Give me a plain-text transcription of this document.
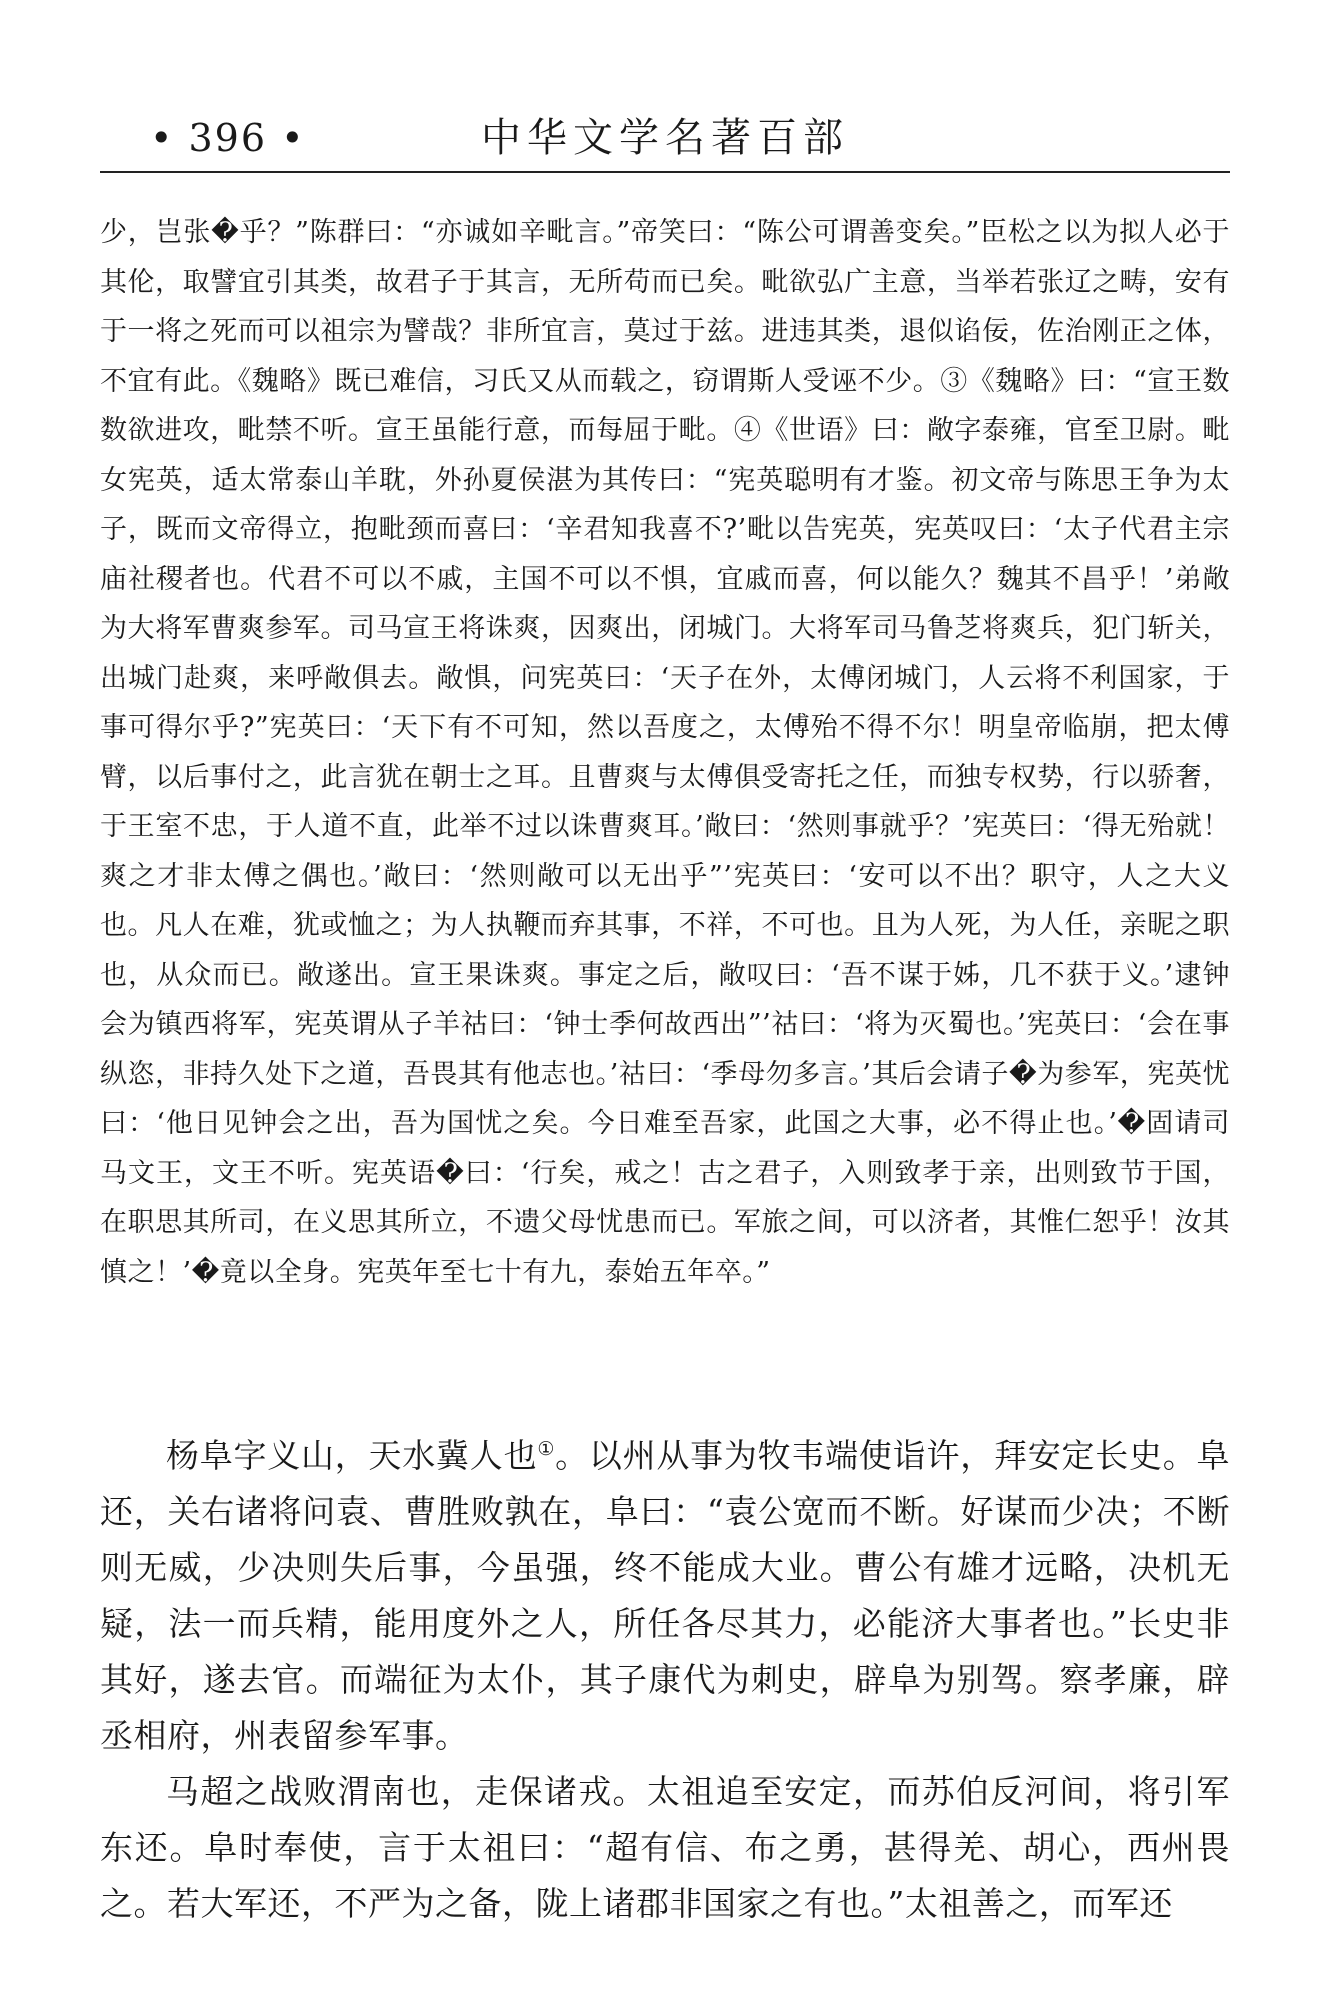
中华文学名著百部
• 396 •

少，岂张�乎？”陈群曰：“亦诚如辛毗言。”帝笑曰：“陈公可谓善变矣。”臣松之以为拟人必于其伦，取譬宜引其类，故君子于其言，无所苟而已矣。毗欲弘广主意，当举若张辽之畴，安有于一将之死而可以祖宗为譬哉？非所宜言，莫过于兹。进违其类，退似谄佞，佐治刚正之体，不宜有此。《魏略》既已难信，习氏又从而载之，窃谓斯人受诬不少。③《魏略》曰：“宣王数数欲进攻，毗禁不听。宣王虽能行意，而每屈于毗。④《世语》曰：敞字泰雍，官至卫尉。毗女宪英，适太常泰山羊耽，外孙夏侯湛为其传曰：“宪英聪明有才鉴。初文帝与陈思王争为太子，既而文帝得立，抱毗颈而喜曰：‘辛君知我喜不?’毗以告宪英，宪英叹曰：‘太子代君主宗庙社稷者也。代君不可以不戚，主国不可以不惧，宜戚而喜，何以能久？魏其不昌乎！’弟敞为大将军曹爽参军。司马宣王将诛爽，因爽出，闭城门。大将军司马鲁芝将爽兵，犯门斩关，出城门赴爽，来呼敞俱去。敞惧，问宪英曰：‘天子在外，太傅闭城门，人云将不利国家，于事可得尔乎?”宪英曰：‘天下有不可知，然以吾度之，太傅殆不得不尔！明皇帝临崩，把太傅臂，以后事付之，此言犹在朝士之耳。且曹爽与太傅俱受寄托之任，而独专权势，行以骄奢，于王室不忠，于人道不直，此举不过以诛曹爽耳。’敞曰：‘然则事就乎？’宪英曰：‘得无殆就！爽之才非太傅之偶也。’敞曰：‘然则敞可以无出乎”’宪英曰：‘安可以不出？职守，人之大义也。凡人在难，犹或恤之；为人执鞭而弃其事，不祥，不可也。且为人死，为人任，亲昵之职也，从众而已。敞遂出。宣王果诛爽。事定之后，敞叹曰：‘吾不谋于姊，几不获于义。’逮钟会为镇西将军，宪英谓从子羊祜曰：‘钟士季何故西出”’祜曰：‘将为灭蜀也。’宪英曰：‘会在事纵恣，非持久处下之道，吾畏其有他志也。’祜曰：‘季母勿多言。’其后会请子�为参军，宪英忧曰：‘他日见钟会之出，吾为国忧之矣。今日难至吾家，此国之大事，必不得止也。’�固请司马文王，文王不听。宪英语�曰：‘行矣，戒之！古之君子，入则致孝于亲，出则致节于国，在职思其所司，在义思其所立，不遗父母忧患而已。军旅之间，可以济者，其惟仁恕乎！汝其慎之！’�竟以全身。宪英年至七十有九，泰始五年卒。”

杨阜字义山，天水冀人也①。以州从事为牧韦端使诣许，拜安定长史。阜还，关右诸将问袁、曹胜败孰在，阜曰：“袁公宽而不断。好谋而少决；不断则无威，少决则失后事，今虽强，终不能成大业。曹公有雄才远略，决机无疑，法一而兵精，能用度外之人，所任各尽其力，必能济大事者也。”长史非其好，遂去官。而端征为太仆，其子康代为刺史，辟阜为别驾。察孝廉，辟丞相府，州表留参军事。

马超之战败渭南也，走保诸戎。太祖追至安定，而苏伯反河间，将引军东还。阜时奉使，言于太祖曰：“超有信、布之勇，甚得羌、胡心，西州畏之。若大军还，不严为之备，陇上诸郡非国家之有也。”太祖善之，而军还
